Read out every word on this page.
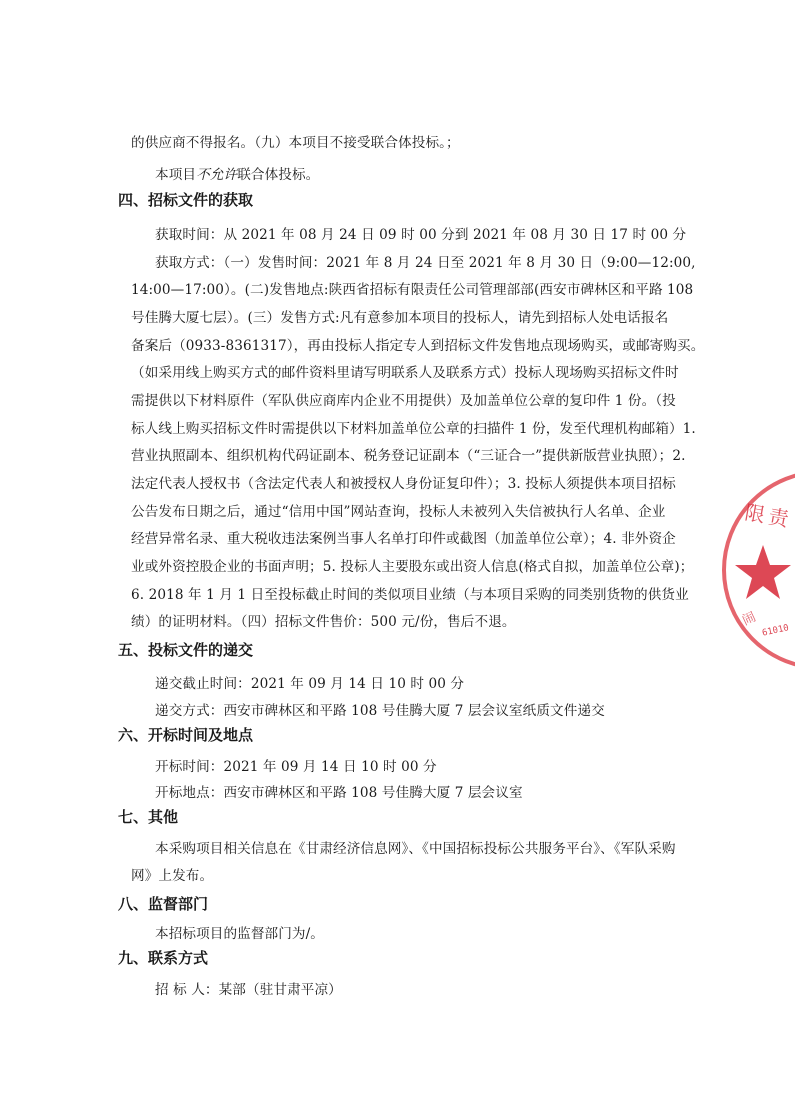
的供应商不得报名。（九）本项目不接受联合体投标。；
本项目不允许联合体投标。
四、招标文件的获取
获取时间：从 2021 年 08 月 24 日 09 时 00 分到 2021 年 08 月 30 日 17 时 00 分
获取方式：（一）发售时间：2021 年 8 月 24 日至 2021 年 8 月 30 日（9:00—12:00,
14:00—17:00）。(二)发售地点:陕西省招标有限责任公司管理部部(西安市碑林区和平路 108
号佳腾大厦七层）。(三）发售方式:凡有意参加本项目的投标人，请先到招标人处电话报名
备案后（0933-8361317），再由投标人指定专人到招标文件发售地点现场购买，或邮寄购买。
（如采用线上购买方式的邮件资料里请写明联系人及联系方式）投标人现场购买招标文件时
需提供以下材料原件（军队供应商库内企业不用提供）及加盖单位公章的复印件 1 份。（投
标人线上购买招标文件时需提供以下材料加盖单位公章的扫描件 1 份，发至代理机构邮箱）1.
营业执照副本、组织机构代码证副本、税务登记证副本（“三证合一”提供新版营业执照）；2.
法定代表人授权书（含法定代表人和被授权人身份证复印件）；3. 投标人须提供本项目招标
公告发布日期之后，通过“信用中国”网站查询，投标人未被列入失信被执行人名单、企业
经营异常名录、重大税收违法案例当事人名单打印件或截图（加盖单位公章）；4. 非外资企
业或外资控股企业的书面声明；5. 投标人主要股东或出资人信息(格式自拟，加盖单位公章)；
6. 2018 年 1 月 1 日至投标截止时间的类似项目业绩（与本项目采购的同类别货物的供货业
绩）的证明材料。（四）招标文件售价：500 元/份，售后不退。
五、投标文件的递交
递交截止时间：2021 年 09 月 14 日 10 时 00 分
递交方式：西安市碑林区和平路 108 号佳腾大厦 7 层会议室纸质文件递交
六、开标时间及地点
开标时间：2021 年 09 月 14 日 10 时 00 分
开标地点：西安市碑林区和平路 108 号佳腾大厦 7 层会议室
七、其他
本采购项目相关信息在《甘肃经济信息网》、《中国招标投标公共服务平台》、《军队采购
网》上发布。
八、监督部门
本招标项目的监督部门为/。
九、联系方式
招 标 人：某部（驻甘肃平凉）
限责
闹
61010
